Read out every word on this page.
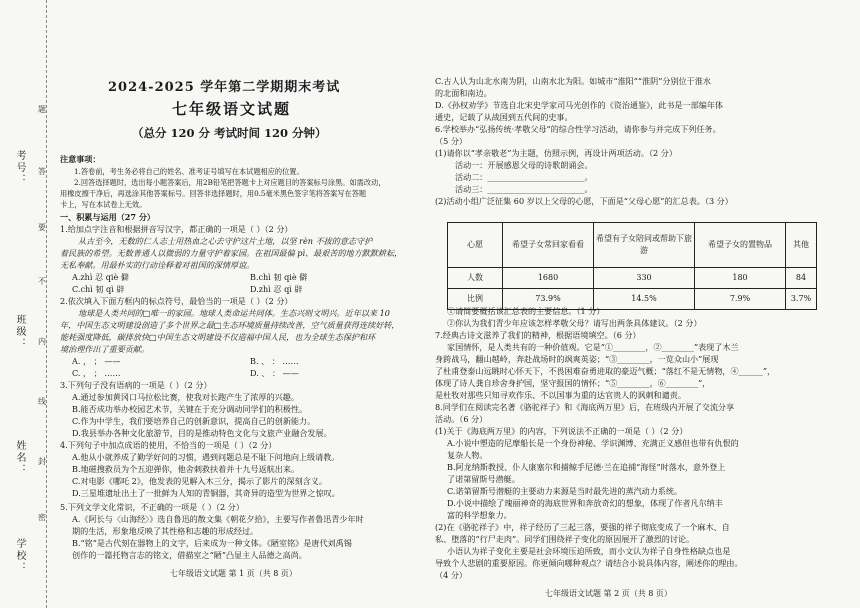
考号：
班级：
姓名：
学校：
题
答
要
不
内
线
封
密
2024-2025 学年第二学期期末考试
七年级语文试题
（总分 120 分 考试时间 120 分钟）
注意事项：
1.答卷前，考生务必将自己的姓名、准考证号填写在本试题相应的位置。
2.回答选择题时，选出每小题答案后，用2B铅笔把答题卡上对应题目的答案标号涂黑。如需改动，
用橡皮擦干净后，再选涂其他答案标号。回答非选择题时，用0.5毫米黑色签字笔将答案写在答题
卡上，写在本试卷上无效。
一、积累与运用（27 分）
1.给加点字注音和根据拼音写汉字，都正确的一项是（ ）（2 分）
从古至今，无数的仁人志士用热血之心去守护这片土地，以坚 rèn 不拔的意志守护
着民族的希望。无数普通人以微弱的力量守护着家园。在祖国最偏 pì、最艰苦的地方默默耕耘，
无私奉献。用最朴实的行动诠释着对祖国的深情厚谊。
A.zhì 忍 qiè 僻	B.chì 韧 qiè 僻
C.chì 韧 qì 辟	D.zhì 忍 qì 辟
2.依次填入下面方框内的标点符号，最恰当的一项是（ ）（2 分）
地球是人类共同的□唯一的家园。地球人类命运共同体。生态兴则文明兴。近年以来 10
年，中国生态文明建设创造了多个世界之最□生态环境质量持续改善，空气质量获得连续好转，
能耗强度降低，碳排放快□中国生态文明建设不仅造福中国人民，也为全球生态保护和环
境治理作出了重要贡献。
A. ， ； ——	B. 、 ： ……
C. ， ； ……	D. 、 ： ——
3.下列句子没有语病的一项是（ ）（2 分）
A.通过参加黄冈口马拉松比赛，使我对长跑产生了浓厚的兴趣。
B.能否成功举办校园艺术节，关键在于充分调动同学们的积极性。
C.作为中学生，我们要培养自己的创新意识，提高自己的创新能力。
D.我县举办各种文化旅游节，目的是推动特色文化与文旅产业融合发展。
4.下列句子中加点成语的使用，不恰当的一项是（ ）（2 分）
A.他从小就养成了勤学好问的习惯，遇到问题总是不耻下问地向上级请教。
B.地磁搜救员为个五迎弹你，他舍刺救扶着并十九号返航出来。
C.对电影《哪吒 2》，他发表的见解入木三分，揭示了影片的深刻含义。
D.三星堆遗址出土了一批鲜为人知的青铜器，其奇异的造型为世界之惊叹。
5.下列文学文化常识，不正确的一项是（ ）（2 分）
A.《阿长与〈山海经〉》选自鲁迅的散文集《朝花夕拾》，主要写作者鲁迅青少年时
期的生活，形象地反映了其性格和志趣的形成经过。
B.“铭”是古代刻在器物上的文字，后来成为一种文体。《陋室铭》是唐代刘禹锡
创作的一篇托物言志的铭文，借描室之“陋”凸显主人品德之高尚。
七年级语文试题 第 1 页（共 8 页）
C.古人认为山北水南为阴，山南水北为阳。如城市“淮阳”“淮阴”分别位于淮水
的北面和南边。
D.《孙权劝学》节选自北宋史学家司马光创作的《资治通鉴》，此书是一部编年体
通史，记载了从战国到五代间的史事。
6.学校举办“弘扬传统·孝敬父母”的综合性学习活动，请你参与并完成下列任务。
（5 分）
(1)请你以“孝亲敬老”为主题，仿照示例，再设计两项活动。（2 分）
活动一：开展感恩父母的诗歌朗诵会。
活动二：________________________。
活动三：________________________。
(2)活动小组广泛征集 60 岁以上父母的心愿，下面是“父母心愿”的汇总表。（3 分）
心愿	希望子女常回家看看	希望有子女陪同或帮助下旅游	希望子女的置物品	其他
人数	1680	330	180	84
比例	73.9%	14.5%	7.9%	3.7%
①请简要概括该汇总表的主要信息。（1 分）
②你认为我们青少年应该怎样孝敬父母？请写出两条具体建议。（2 分）
7.经典古诗文滋养了我们的精神，根据语境填空。（6 分）
家国情怀，是人类共有的一种价值观。它是“①________，②________”表现了木兰
身跨战马，翻山越岭，奔赴战场时的飒爽英姿；“③________，一览众山小”展现
了杜甫登泰山远眺时心怀天下，不畏困难奋勇进取的豪迈气概；“落红不是无情物，④______”，
体现了诗人龚自珍舍身护国，坚守报国的情怀；“⑤________，⑥________”，
是杜牧对那些只知寻欢作乐、不以国事为重的达官贵人的讽刺和谴责。
8.同学们在阅读完名著《骆驼祥子》和《海底两万里》后，在班级内开展了交流分享
活动。（6 分）
(1)关于《海底两万里》的内容，下列说法不正确的一项是（ ）（2 分）
A.小说中塑造的尼摩船长是一个身份神秘、学识渊博、充满正义感但也带有仇恨的
复杂人物。
B.阿龙纳斯教授、仆人康塞尔和捕鲸手尼德·兰在追捕“海怪”时落水，意外登上
了诺第留斯号潜艇。
C.诺第留斯号潜艇的主要动力来源是当时最先进的蒸汽动力系统。
D.小说中描绘了瑰丽神奇的海底世界和奔放奇幻的想象，体现了作者凡尔纳丰
富的科学想象力。
(2)在《骆驼祥子》中，祥子经历了三起三落，要强的祥子彻底变成了一个麻木、自
私、堕落的“行尸走肉”。同学们围绕祥子变化的原因展开了激烈的讨论。
小语认为祥子变化主要是社会环境压迫所致，而小文认为祥子自身性格缺点也是
导致个人悲剧的重要原因。你更倾向哪种观点？请结合小说具体内容，阐述你的理由。
（4 分）
七年级语文试题 第 2 页（共 8 页）
